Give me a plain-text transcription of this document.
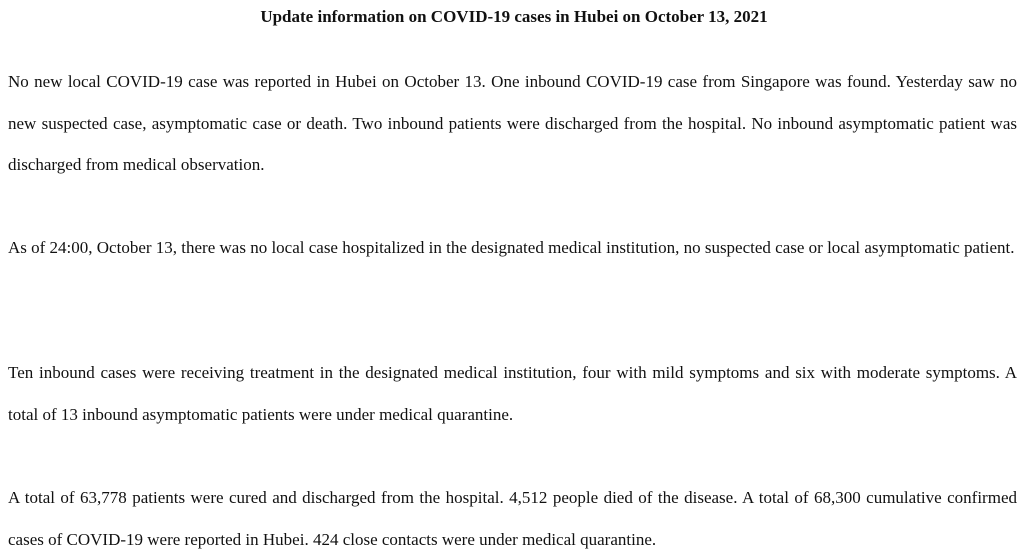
Update information on COVID-19 cases in Hubei on October 13, 2021

No new local COVID-19 case was reported in Hubei on October 13. One inbound COVID-19 case from Singapore was found. Yesterday saw no new suspected case, asymptomatic case or death. Two inbound patients were discharged from the hospital. No inbound asymptomatic patient was discharged from medical observation.

As of 24:00, October 13, there was no local case hospitalized in the designated medical institution, no suspected case or local asymptomatic patient.

Ten inbound cases were receiving treatment in the designated medical institution, four with mild symptoms and six with moderate symptoms. A total of 13 inbound asymptomatic patients were under medical quarantine.

A total of 63,778 patients were cured and discharged from the hospital. 4,512 people died of the disease. A total of 68,300 cumulative confirmed cases of COVID-19 were reported in Hubei. 424 close contacts were under medical quarantine.
